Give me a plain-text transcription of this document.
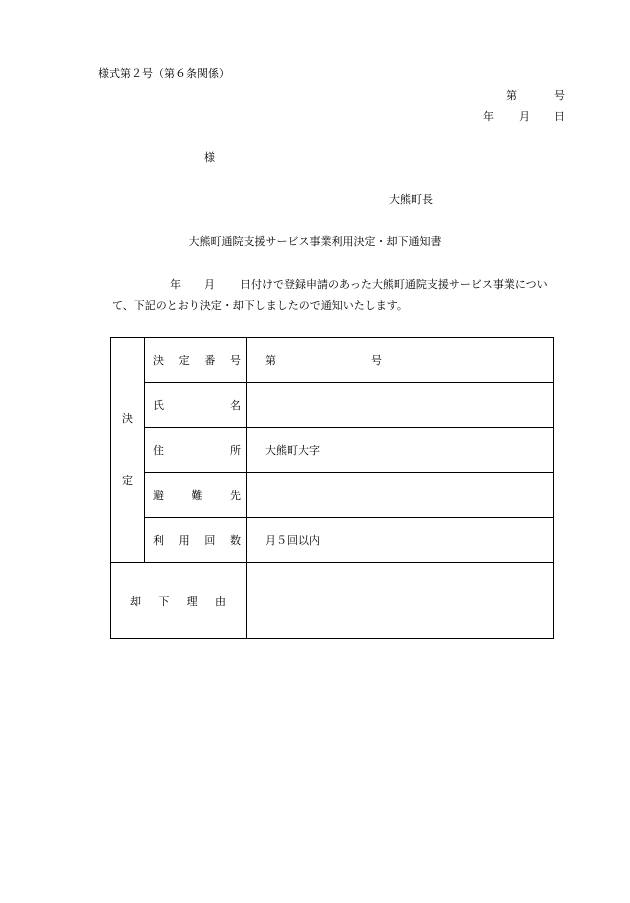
様式第２号（第６条関係）
第	号
年 月 日
様
大熊町長
大熊町通院支援サービス事業利用決定・却下通知書
年 月 日付けで登録申請のあった大熊町通院支援サービス事業につい
て、下記のとおり決定・却下しましたので通知いたします。
決
定	決 定 番 号	第 号

	氏 名	

	住 所	大熊町大字

	避 難 先	

	利 用 回 数	月５回以内

却 下 理 由		
